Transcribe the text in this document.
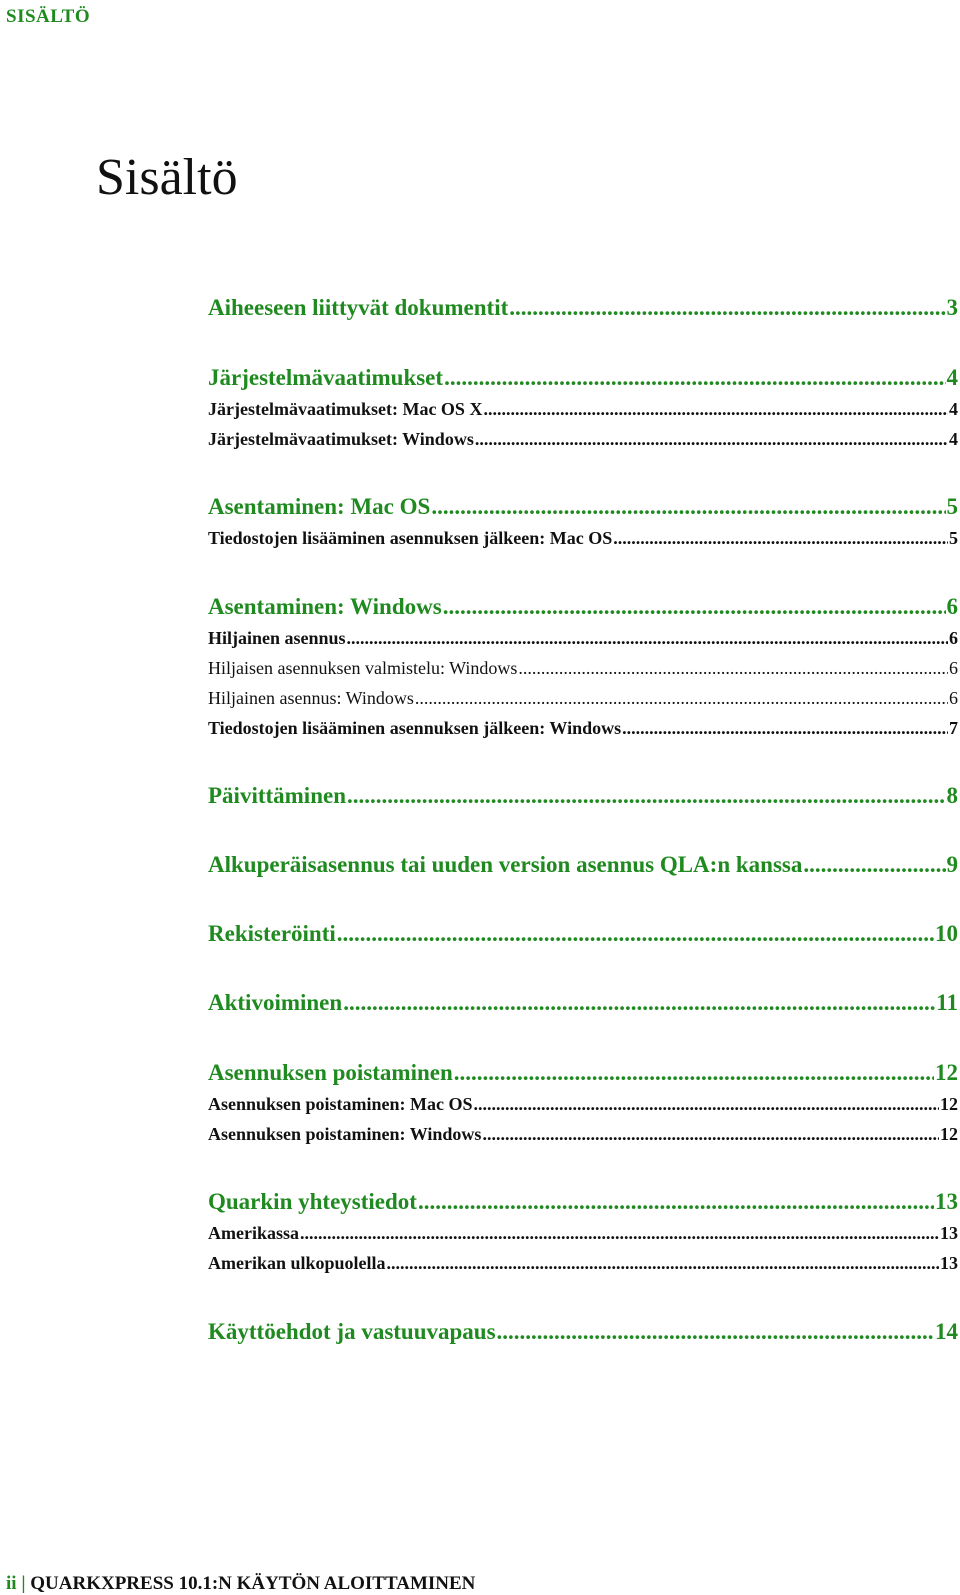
SISÄLTÖ
Sisältö
Aiheeseen liittyvät dokumentit .....	3
Järjestelmävaatimukset .....	4
Järjestelmävaatimukset: Mac OS X .....	4
Järjestelmävaatimukset: Windows .....	4
Asentaminen: Mac OS .....	5
Tiedostojen lisääminen asennuksen jälkeen: Mac OS .....	5
Asentaminen: Windows .....	6
Hiljainen asennus .....	6
Hiljaisen asennuksen valmistelu: Windows .....	6
Hiljainen asennus: Windows .....	6
Tiedostojen lisääminen asennuksen jälkeen: Windows .....	7
Päivittäminen .....	8
Alkuperäisasennus tai uuden version asennus QLA:n kanssa .....	9
Rekisteröinti .....	10
Aktivoiminen .....	11
Asennuksen poistaminen .....	12
Asennuksen poistaminen: Mac OS .....	12
Asennuksen poistaminen: Windows .....	12
Quarkin yhteystiedot .....	13
Amerikassa .....	13
Amerikan ulkopuolella .....	13
Käyttöehdot ja vastuuvapaus .....	14
ii | QUARKXPRESS 10.1:N KÄYTÖN ALOITTAMINEN
